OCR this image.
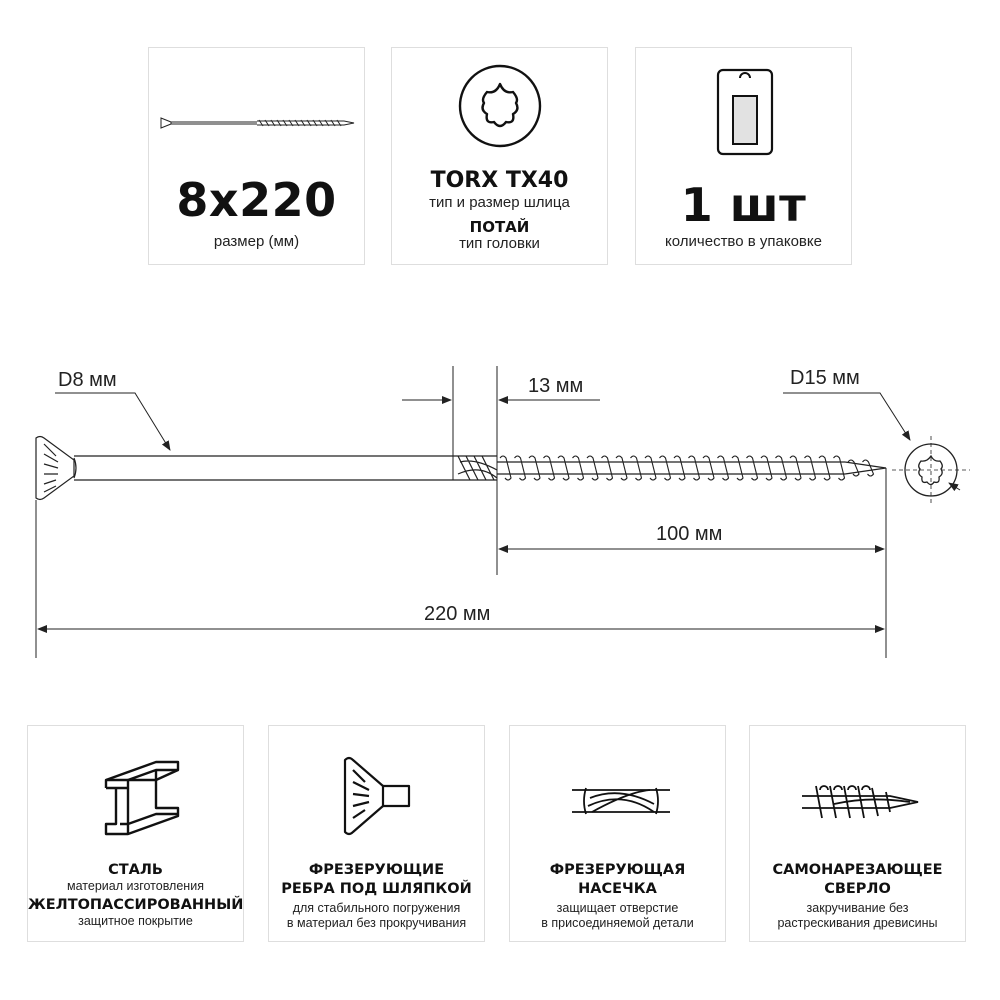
8x220
размер (мм)
TORX TX40
тип и размер шлица
ПОТАЙ
тип головки
1 шт
количество в упаковке
D8 мм	13 мм	D15 мм
100 мм
220 мм
СТАЛЬ
материал изготовления
ЖЕЛТОПАССИРОВАННЫЙ
защитное покрытие
ФРЕЗЕРУЮЩИЕ
РЕБРА ПОД ШЛЯПКОЙ
для стабильного погружения
в материал без прокручивания
ФРЕЗЕРУЮЩАЯ
НАСЕЧКА
защищает отверстие
в присоединяемой детали
САМОНАРЕЗАЮЩЕЕ
СВЕРЛО
закручивание без
растрескивания древисины
